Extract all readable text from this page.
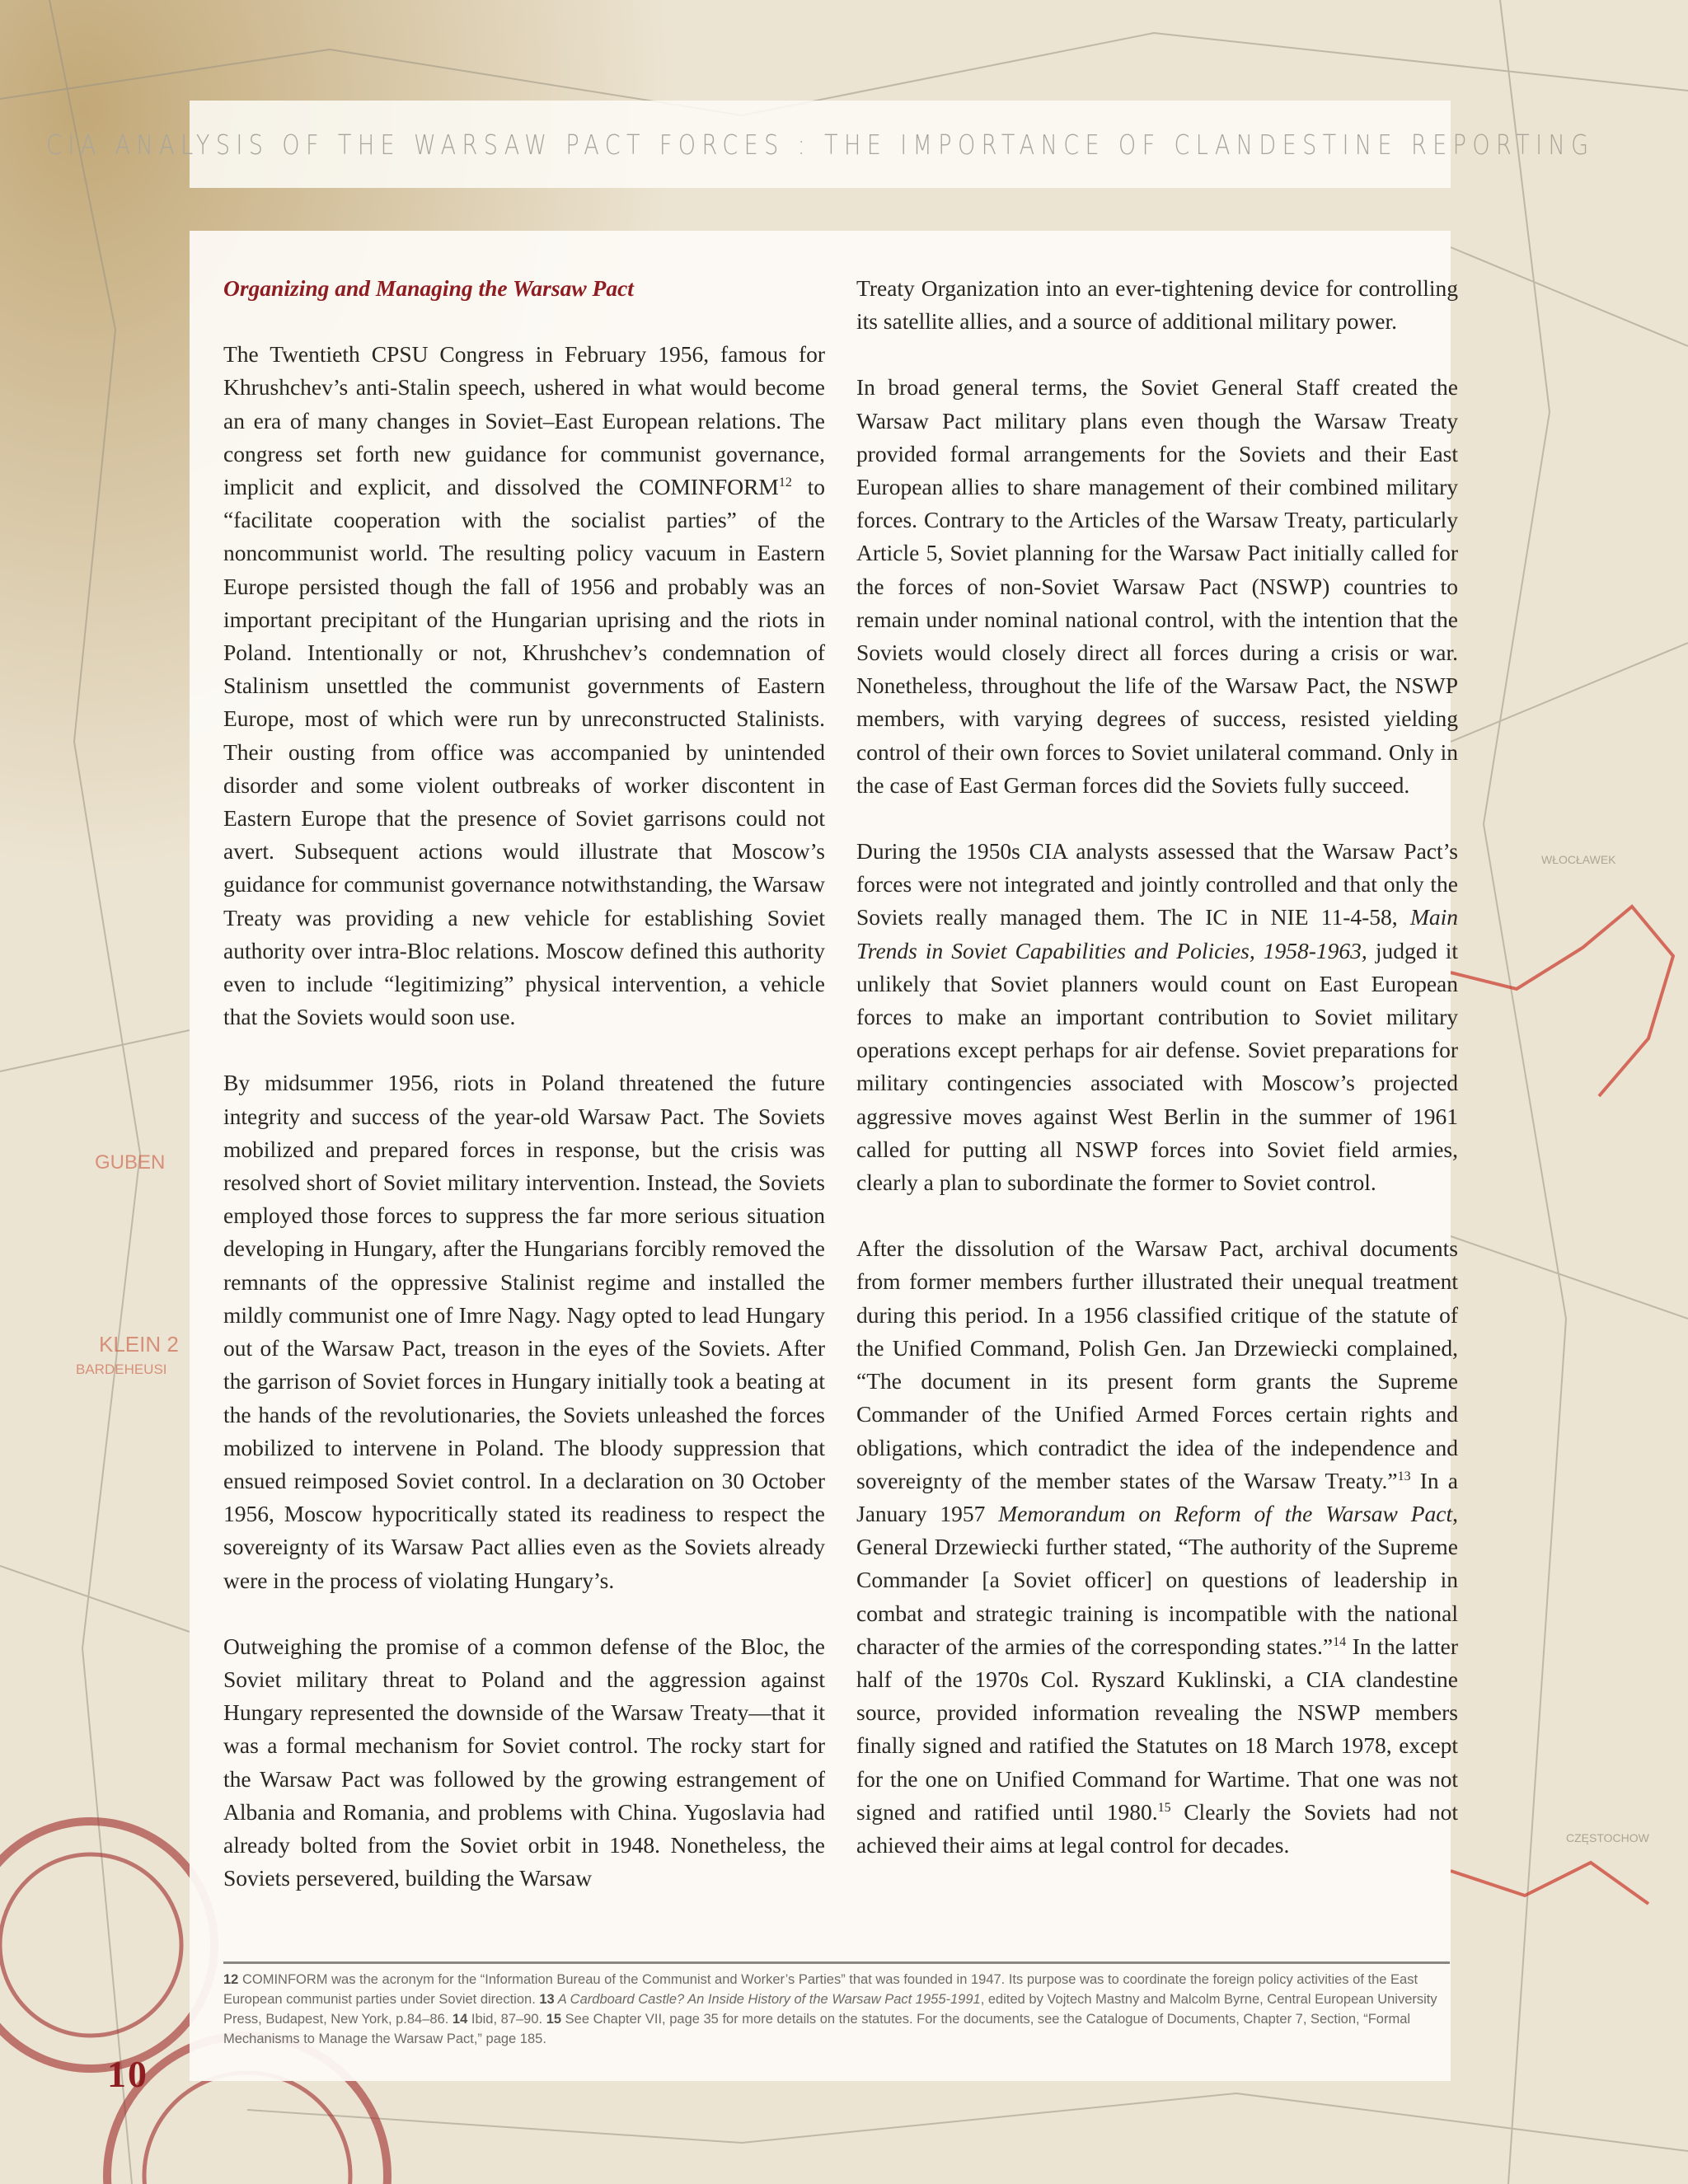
GUBEN
KLEIN 2
BARDEHEUSI
WŁOCŁAWEK
CZĘSTOCHOW
CIA ANALYSIS OF THE WARSAW PACT FORCES : THE IMPORTANCE OF CLANDESTINE REPORTING
Organizing and Managing the Warsaw Pact

The Twentieth CPSU Congress in February 1956, famous for Khrushchev’s anti-Stalin speech, ushered in what would become an era of many changes in Soviet–East European relations. The congress set forth new guidance for communist governance, implicit and explicit, and dissolved the COMINFORM$^{12}$ to “facilitate cooperation with the socialist parties” of the noncommunist world. The resulting policy vacuum in Eastern Europe persisted though the fall of 1956 and probably was an important precipitant of the Hungarian uprising and the riots in Poland. Intentionally or not, Khrushchev’s condemnation of Stalinism unsettled the communist governments of Eastern Europe, most of which were run by unreconstructed Stalinists. Their ousting from office was accompanied by unintended disorder and some violent outbreaks of worker discontent in Eastern Europe that the presence of Soviet garrisons could not avert. Subsequent actions would illustrate that Moscow’s guidance for communist governance notwithstanding, the Warsaw Treaty was providing a new vehicle for establishing Soviet authority over intra-Bloc relations. Moscow defined this authority even to include “legitimizing” physical intervention, a vehicle that the Soviets would soon use.

By midsummer 1956, riots in Poland threatened the future integrity and success of the year-old Warsaw Pact. The Soviets mobilized and prepared forces in response, but the crisis was resolved short of Soviet military intervention. Instead, the Soviets employed those forces to suppress the far more serious situation developing in Hungary, after the Hungarians forcibly removed the remnants of the oppressive Stalinist regime and installed the mildly communist one of Imre Nagy. Nagy opted to lead Hungary out of the Warsaw Pact, treason in the eyes of the Soviets. After the garrison of Soviet forces in Hungary initially took a beating at the hands of the revolutionaries, the Soviets unleashed the forces mobilized to intervene in Poland. The bloody suppression that ensued reimposed Soviet control. In a declaration on 30 October 1956, Moscow hypocritically stated its readiness to respect the sovereignty of its Warsaw Pact allies even as the Soviets already were in the process of violating Hungary’s.

Outweighing the promise of a common defense of the Bloc, the Soviet military threat to Poland and the aggression against Hungary represented the downside of the Warsaw Treaty—that it was a formal mechanism for Soviet control. The rocky start for the Warsaw Pact was followed by the growing estrangement of Albania and Romania, and problems with China. Yugoslavia had already bolted from the Soviet orbit in 1948. Nonetheless, the Soviets persevered, building the Warsaw

Treaty Organization into an ever-tightening device for controlling its satellite allies, and a source of additional military power.

In broad general terms, the Soviet General Staff created the Warsaw Pact military plans even though the Warsaw Treaty provided formal arrangements for the Soviets and their East European allies to share management of their combined military forces. Contrary to the Articles of the Warsaw Treaty, particularly Article 5, Soviet planning for the Warsaw Pact initially called for the forces of non-Soviet Warsaw Pact (NSWP) countries to remain under nominal national control, with the intention that the Soviets would closely direct all forces during a crisis or war. Nonetheless, throughout the life of the Warsaw Pact, the NSWP members, with varying degrees of success, resisted yielding control of their own forces to Soviet unilateral command. Only in the case of East German forces did the Soviets fully succeed.

During the 1950s CIA analysts assessed that the Warsaw Pact’s forces were not integrated and jointly controlled and that only the Soviets really managed them. The IC in NIE 11-4-58, Main Trends in Soviet Capabilities and Policies, 1958-1963, judged it unlikely that Soviet planners would count on East European forces to make an important contribution to Soviet military operations except perhaps for air defense. Soviet preparations for military contingencies associated with Moscow’s projected aggressive moves against West Berlin in the summer of 1961 called for putting all NSWP forces into Soviet field armies, clearly a plan to subordinate the former to Soviet control.

After the dissolution of the Warsaw Pact, archival documents from former members further illustrated their unequal treatment during this period. In a 1956 classified critique of the statute of the Unified Command, Polish Gen. Jan Drzewiecki complained, “The document in its present form grants the Supreme Commander of the Unified Armed Forces certain rights and obligations, which contradict the idea of the independence and sovereignty of the member states of the Warsaw Treaty.”$^{13}$ In a January 1957 Memorandum on Reform of the Warsaw Pact, General Drzewiecki further stated, “The authority of the Supreme Commander [a Soviet officer] on questions of leadership in combat and strategic training is incompatible with the national character of the armies of the corresponding states.”$^{14}$ In the latter half of the 1970s Col. Ryszard Kuklinski, a CIA clandestine source, provided information revealing the NSWP members finally signed and ratified the Statutes on 18 March 1978, except for the one on Unified Command for Wartime. That one was not signed and ratified until 1980.15 Clearly the Soviets had not achieved their aims at legal control for decades.

12 COMINFORM was the acronym for the “Information Bureau of the Communist and Worker’s Parties” that was founded in 1947. Its purpose was to coordinate the foreign policy activities of the East European communist parties under Soviet direction. 13 A Cardboard Castle? An Inside History of the Warsaw Pact 1955-1991, edited by Vojtech Mastny and Malcolm Byrne, Central European University Press, Budapest, New York, p.84–86. 14 Ibid, 87–90. 15 See Chapter VII, page 35 for more details on the statutes. For the documents, see the Catalogue of Documents, Chapter 7, Section, “Formal Mechanisms to Manage the Warsaw Pact,” page 185.

10
